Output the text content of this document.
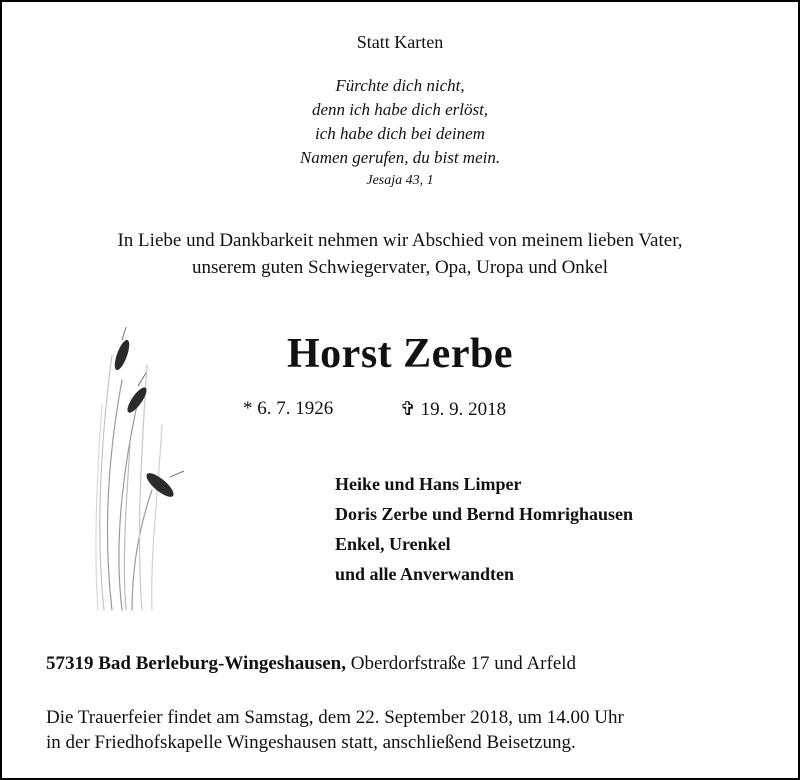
Statt Karten
Fürchte dich nicht,
denn ich habe dich erlöst,
ich habe dich bei deinem
Namen gerufen, du bist mein.
Jesaja 43, 1
In Liebe und Dankbarkeit nehmen wir Abschied von meinem lieben Vater,
unserem guten Schwiegervater, Opa, Uropa und Onkel
Horst Zerbe
* 6. 7. 1926	✞ 19. 9. 2018
Heike und Hans Limper
Doris Zerbe und Bernd Homrighausen
Enkel, Urenkel
und alle Anverwandten
57319 Bad Berleburg-Wingeshausen, Oberdorfstraße 17 und Arfeld
Die Trauerfeier findet am Samstag, dem 22. September 2018, um 14.00 Uhr
in der Friedhofskapelle Wingeshausen statt, anschließend Beisetzung.
